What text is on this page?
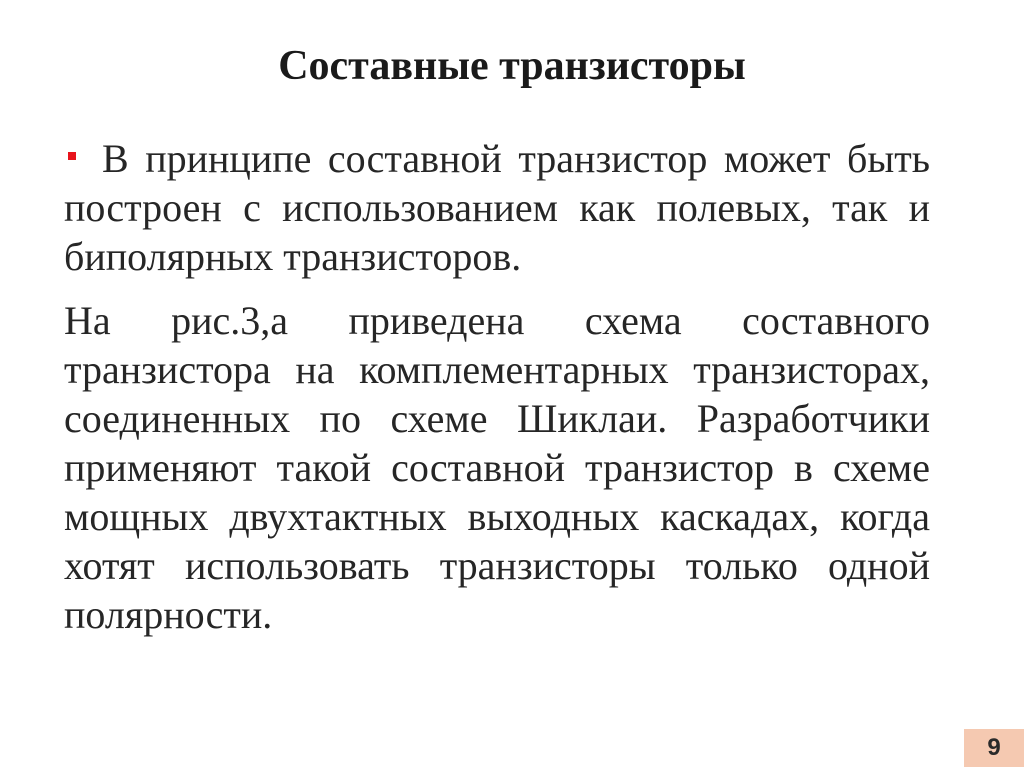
Составные транзисторы
В принципе составной транзистор может быть построен с использованием как полевых, так и биполярных транзисторов.
На рис.3,а приведена схема составного транзистора на комплементарных транзисторах, соединенных по схеме Шиклаи. Разработчики применяют такой составной транзистор в схеме мощных двухтактных выходных каскадах, когда хотят использовать транзисторы только одной полярности.
9
